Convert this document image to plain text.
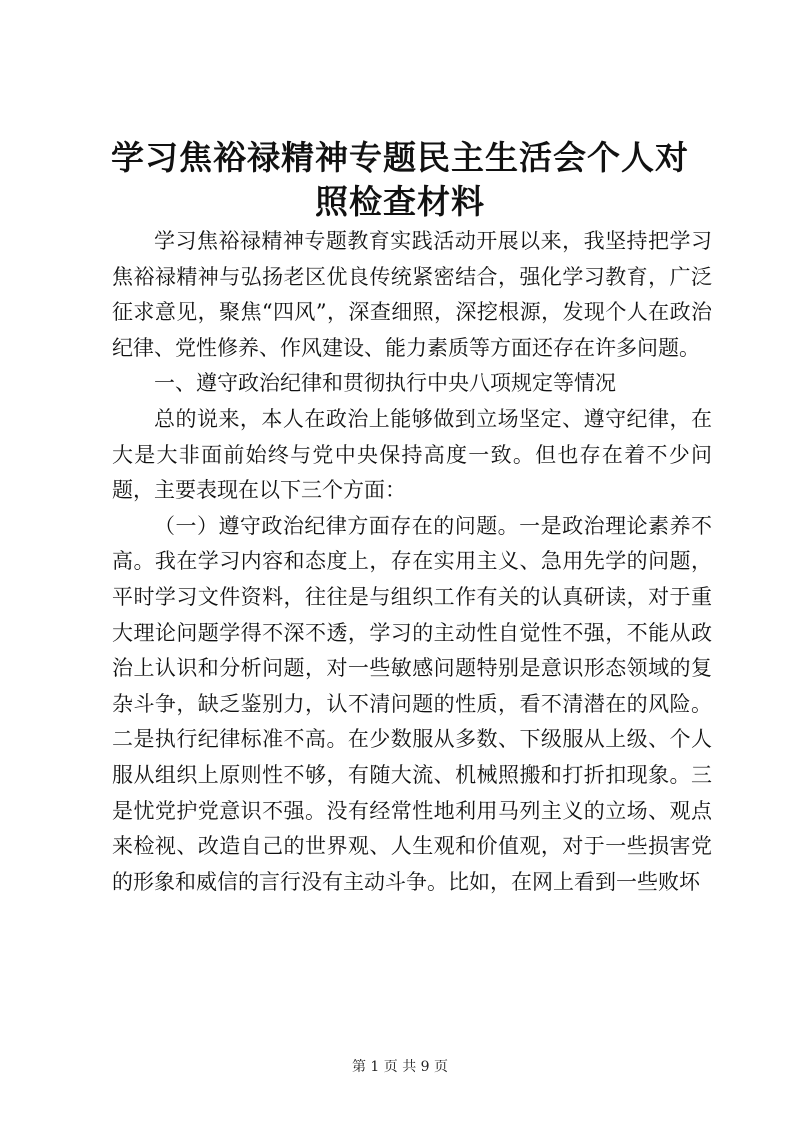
学习焦裕禄精神专题民主生活会个人对照检查材料

学习焦裕禄精神专题教育实践活动开展以来，我坚持把学习焦裕禄精神与弘扬老区优良传统紧密结合，强化学习教育，广泛征求意见，聚焦“四风”，深查细照，深挖根源，发现个人在政治纪律、党性修养、作风建设、能力素质等方面还存在许多问题。

一、遵守政治纪律和贯彻执行中央八项规定等情况

总的说来，本人在政治上能够做到立场坚定、遵守纪律，在大是大非面前始终与党中央保持高度一致。但也存在着不少问题，主要表现在以下三个方面：

（一）遵守政治纪律方面存在的问题。一是政治理论素养不高。我在学习内容和态度上，存在实用主义、急用先学的问题，平时学习文件资料，往往是与组织工作有关的认真研读，对于重大理论问题学得不深不透，学习的主动性自觉性不强，不能从政治上认识和分析问题，对一些敏感问题特别是意识形态领域的复杂斗争，缺乏鉴别力，认不清问题的性质，看不清潜在的风险。二是执行纪律标准不高。在少数服从多数、下级服从上级、个人服从组织上原则性不够，有随大流、机械照搬和打折扣现象。三是忧党护党意识不强。没有经常性地利用马列主义的立场、观点来检视、改造自己的世界观、人生观和价值观，对于一些损害党的形象和威信的言行没有主动斗争。比如，在网上看到一些败坏

第 1 页 共 9 页
